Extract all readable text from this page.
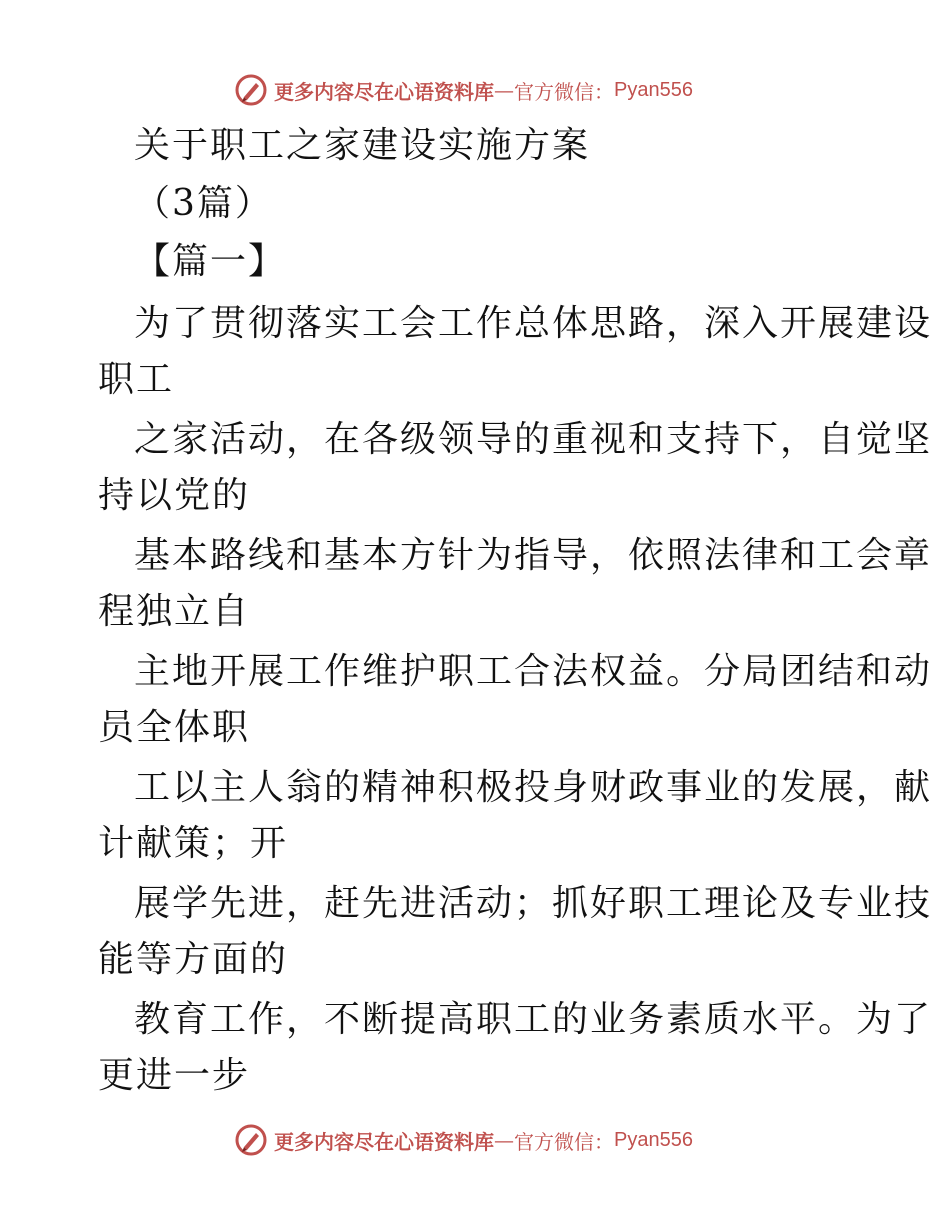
更多内容尽在心语资料库 — 官方微信： Pyan556
关于职工之家建设实施方案
（3篇）
【篇一】
为了贯彻落实工会工作总体思路，深入开展建设
职工
之家活动，在各级领导的重视和支持下，自觉坚
持以党的
基本路线和基本方针为指导，依照法律和工会章
程独立自
主地开展工作维护职工合法权益。分局团结和动
员全体职
工以主人翁的精神积极投身财政事业的发展，献
计献策；开
展学先进，赶先进活动；抓好职工理论及专业技
能等方面的
教育工作，不断提高职工的业务素质水平。为了
更进一步
更多内容尽在心语资料库 — 官方微信： Pyan556
